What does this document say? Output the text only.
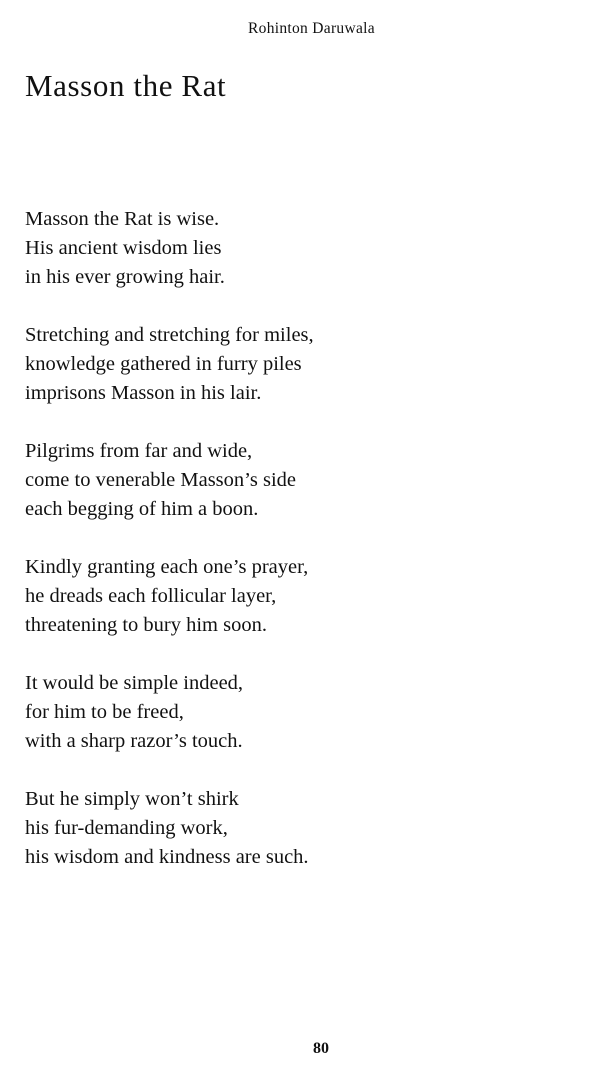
Rohinton Daruwala
Masson the Rat
Masson the Rat is wise.
His ancient wisdom lies
in his ever growing hair.
Stretching and stretching for miles,
knowledge gathered in furry piles
imprisons Masson in his lair.
Pilgrims from far and wide,
come to venerable Masson’s side
each begging of him a boon.
Kindly granting each one’s prayer,
he dreads each follicular layer,
threatening to bury him soon.
It would be simple indeed,
for him to be freed,
with a sharp razor’s touch.
But he simply won’t shirk
his fur-demanding work,
his wisdom and kindness are such.
80
